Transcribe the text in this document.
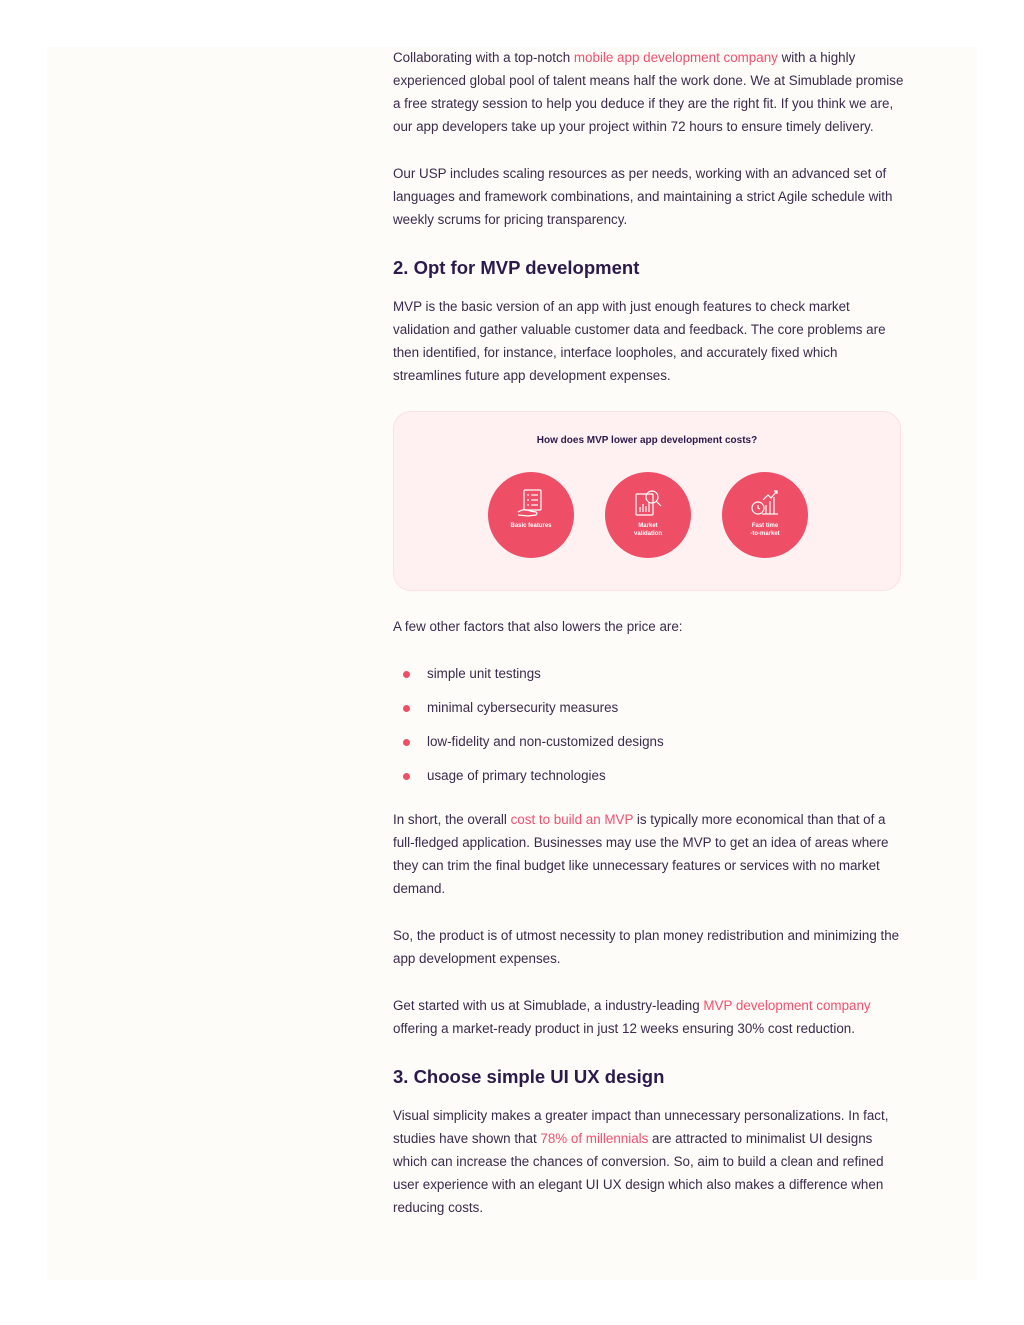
Collaborating with a top-notch mobile app development company with a highly experienced global pool of talent means half the work done. We at Simublade promise a free strategy session to help you deduce if they are the right fit. If you think we are, our app developers take up your project within 72 hours to ensure timely delivery.

Our USP includes scaling resources as per needs, working with an advanced set of languages and framework combinations, and maintaining a strict Agile schedule with weekly scrums for pricing transparency.

2. Opt for MVP development

MVP is the basic version of an app with just enough features to check market validation and gather valuable customer data and feedback. The core problems are then identified, for instance, interface loopholes, and accurately fixed which streamlines future app development expenses.

How does MVP lower app development costs?
Basic features	Market
validation
Fast time
-to-market

A few other factors that also lowers the price are:

simple unit testings
minimal cybersecurity measures
low-fidelity and non-customized designs
usage of primary technologies

In short, the overall cost to build an MVP is typically more economical than that of a full-fledged application. Businesses may use the MVP to get an idea of areas where they can trim the final budget like unnecessary features or services with no market demand.

So, the product is of utmost necessity to plan money redistribution and minimizing the app development expenses.

Get started with us at Simublade, a industry-leading MVP development company offering a market-ready product in just 12 weeks ensuring 30% cost reduction.

3. Choose simple UI UX design

Visual simplicity makes a greater impact than unnecessary personalizations. In fact, studies have shown that 78% of millennials are attracted to minimalist UI designs which can increase the chances of conversion. So, aim to build a clean and refined user experience with an elegant UI UX design which also makes a difference when reducing costs.
